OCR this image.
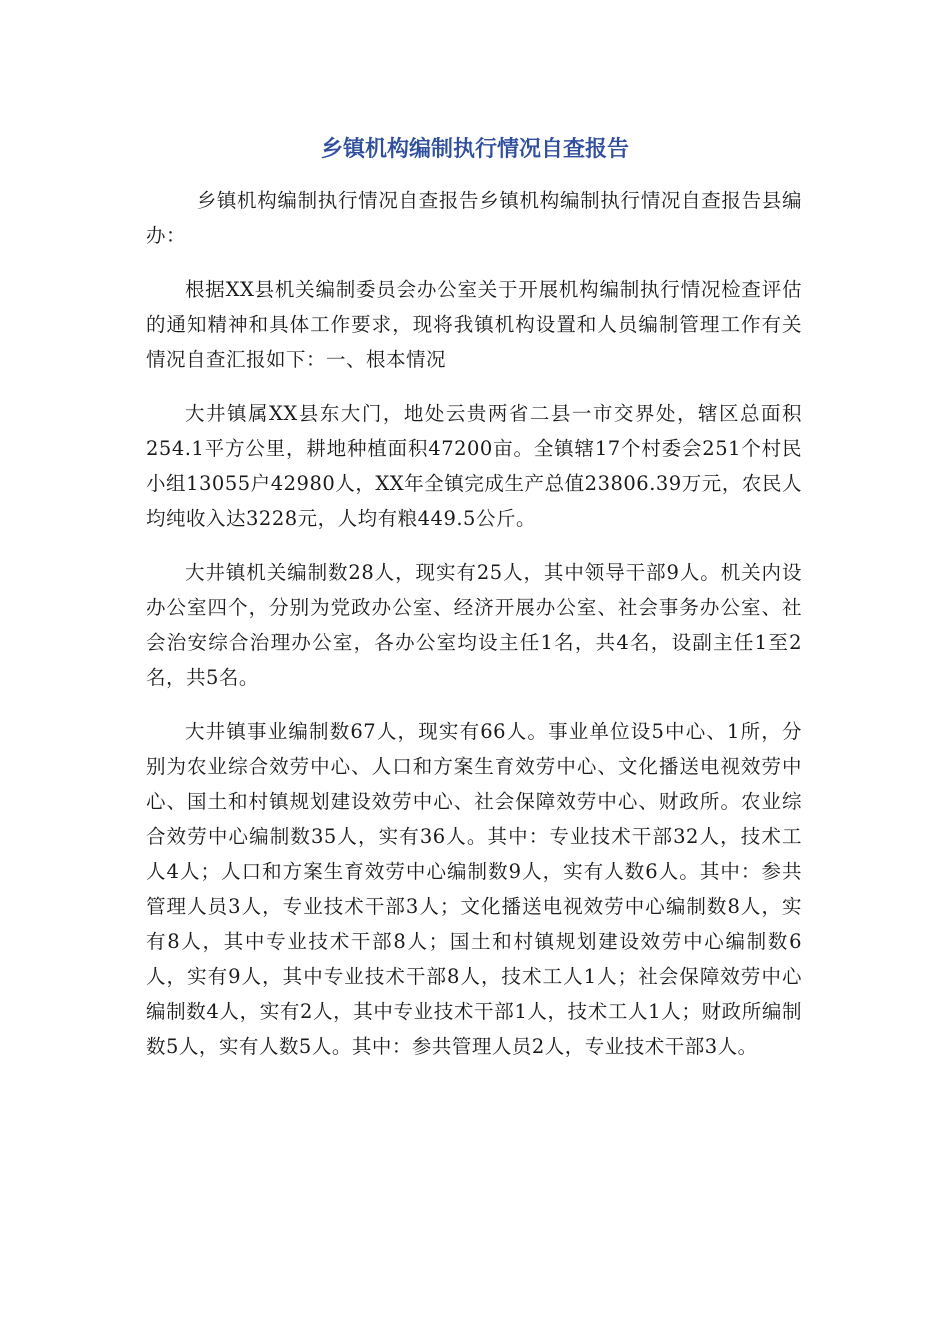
乡镇机构编制执行情况自查报告

乡镇机构编制执行情况自查报告乡镇机构编制执行情况自查报告县编办：

根据XX县机关编制委员会办公室关于开展机构编制执行情况检查评估的通知精神和具体工作要求，现将我镇机构设置和人员编制管理工作有关情况自查汇报如下：一、根本情况

大井镇属XX县东大门，地处云贵两省二县一市交界处，辖区总面积254.1平方公里，耕地种植面积47200亩。全镇辖17个村委会251个村民小组13055户42980人，XX年全镇完成生产总值23806.39万元，农民人均纯收入达3228元，人均有粮449.5公斤。

大井镇机关编制数28人，现实有25人，其中领导干部9人。机关内设办公室四个，分别为党政办公室、经济开展办公室、社会事务办公室、社会治安综合治理办公室，各办公室均设主任1名，共4名，设副主任1至2名，共5名。

大井镇事业编制数67人，现实有66人。事业单位设5中心、1所，分别为农业综合效劳中心、人口和方案生育效劳中心、文化播送电视效劳中心、国土和村镇规划建设效劳中心、社会保障效劳中心、财政所。农业综合效劳中心编制数35人，实有36人。其中：专业技术干部32人，技术工人4人；人口和方案生育效劳中心编制数9人，实有人数6人。其中：参共管理人员3人，专业技术干部3人；文化播送电视效劳中心编制数8人，实有8人，其中专业技术干部8人；国土和村镇规划建设效劳中心编制数6人，实有9人，其中专业技术干部8人，技术工人1人；社会保障效劳中心编制数4人，实有2人，其中专业技术干部1人，技术工人1人；财政所编制数5人，实有人数5人。其中：参共管理人员2人，专业技术干部3人。
